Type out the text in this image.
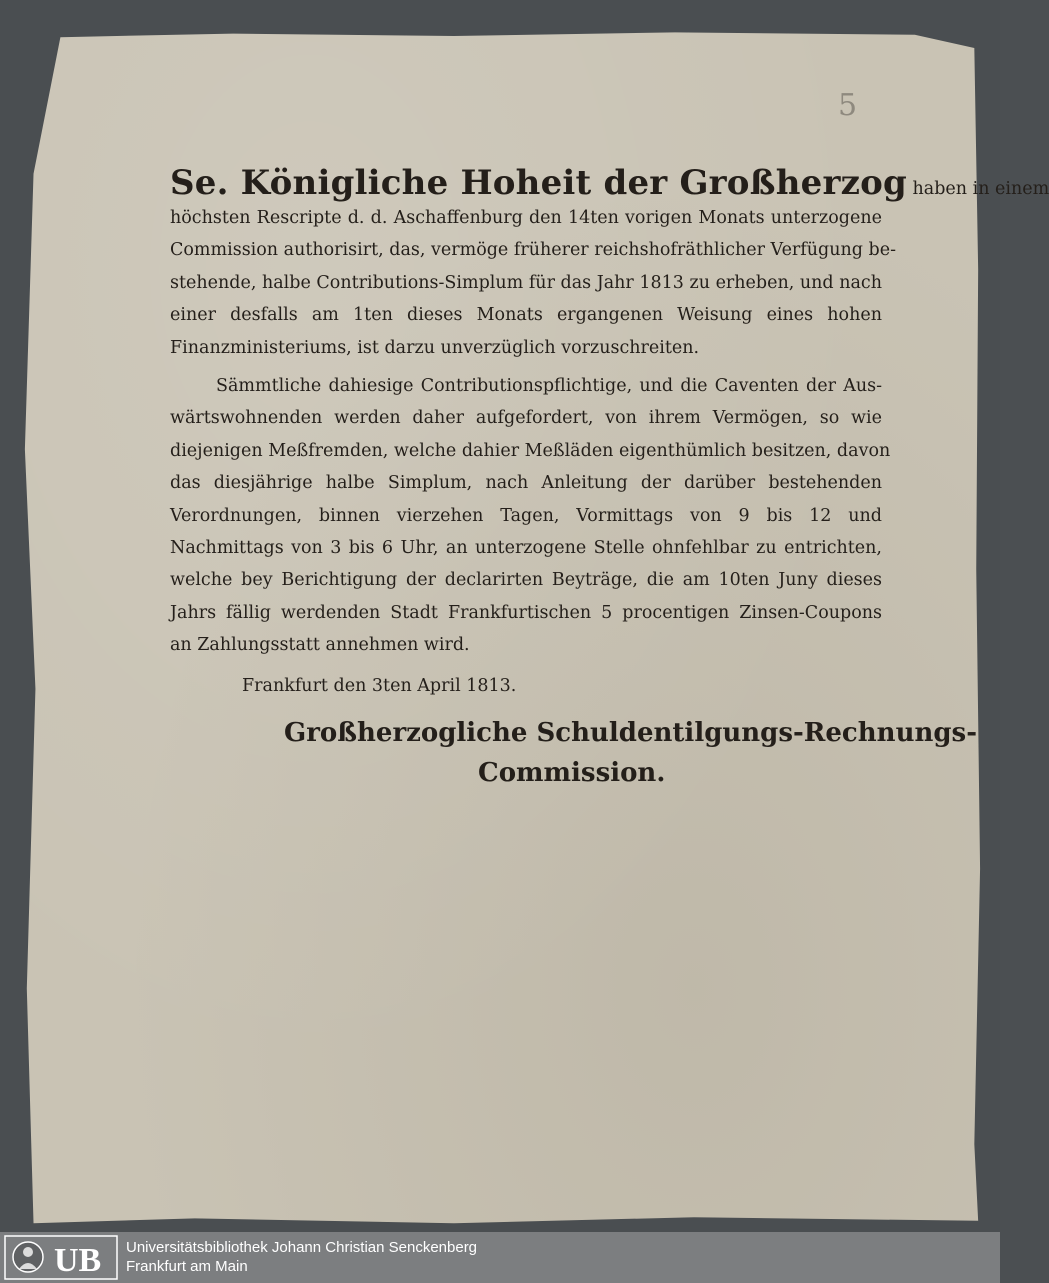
5
Se. Königliche Hoheit der Großherzog haben in einem
höchsten Rescripte d. d. Aschaffenburg den 14ten vorigen Monats unterzogene
Commission authorisirt, das, vermöge früherer reichshofräthlicher Verfügung be-
stehende, halbe Contributions-Simplum für das Jahr 1813 zu erheben, und nach
einer desfalls am 1ten dieses Monats ergangenen Weisung eines hohen
Finanzministeriums, ist darzu unverzüglich vorzuschreiten.
Sämmtliche dahiesige Contributionspflichtige, und die Caventen der Aus-
wärtswohnenden werden daher aufgefordert, von ihrem Vermögen, so wie
diejenigen Meßfremden, welche dahier Meßläden eigenthümlich besitzen, davon
das diesjährige halbe Simplum, nach Anleitung der darüber bestehenden
Verordnungen, binnen vierzehen Tagen, Vormittags von 9 bis 12 und
Nachmittags von 3 bis 6 Uhr, an unterzogene Stelle ohnfehlbar zu entrichten,
welche bey Berichtigung der declarirten Beyträge, die am 10ten Juny dieses
Jahrs fällig werdenden Stadt Frankfurtischen 5 procentigen Zinsen-Coupons
an Zahlungsstatt annehmen wird.
Frankfurt den 3ten April 1813.
Großherzogliche Schuldentilgungs-Rechnungs-
Commission.
UB Universitätsbibliothek Johann Christian Senckenberg
Frankfurt am Main
